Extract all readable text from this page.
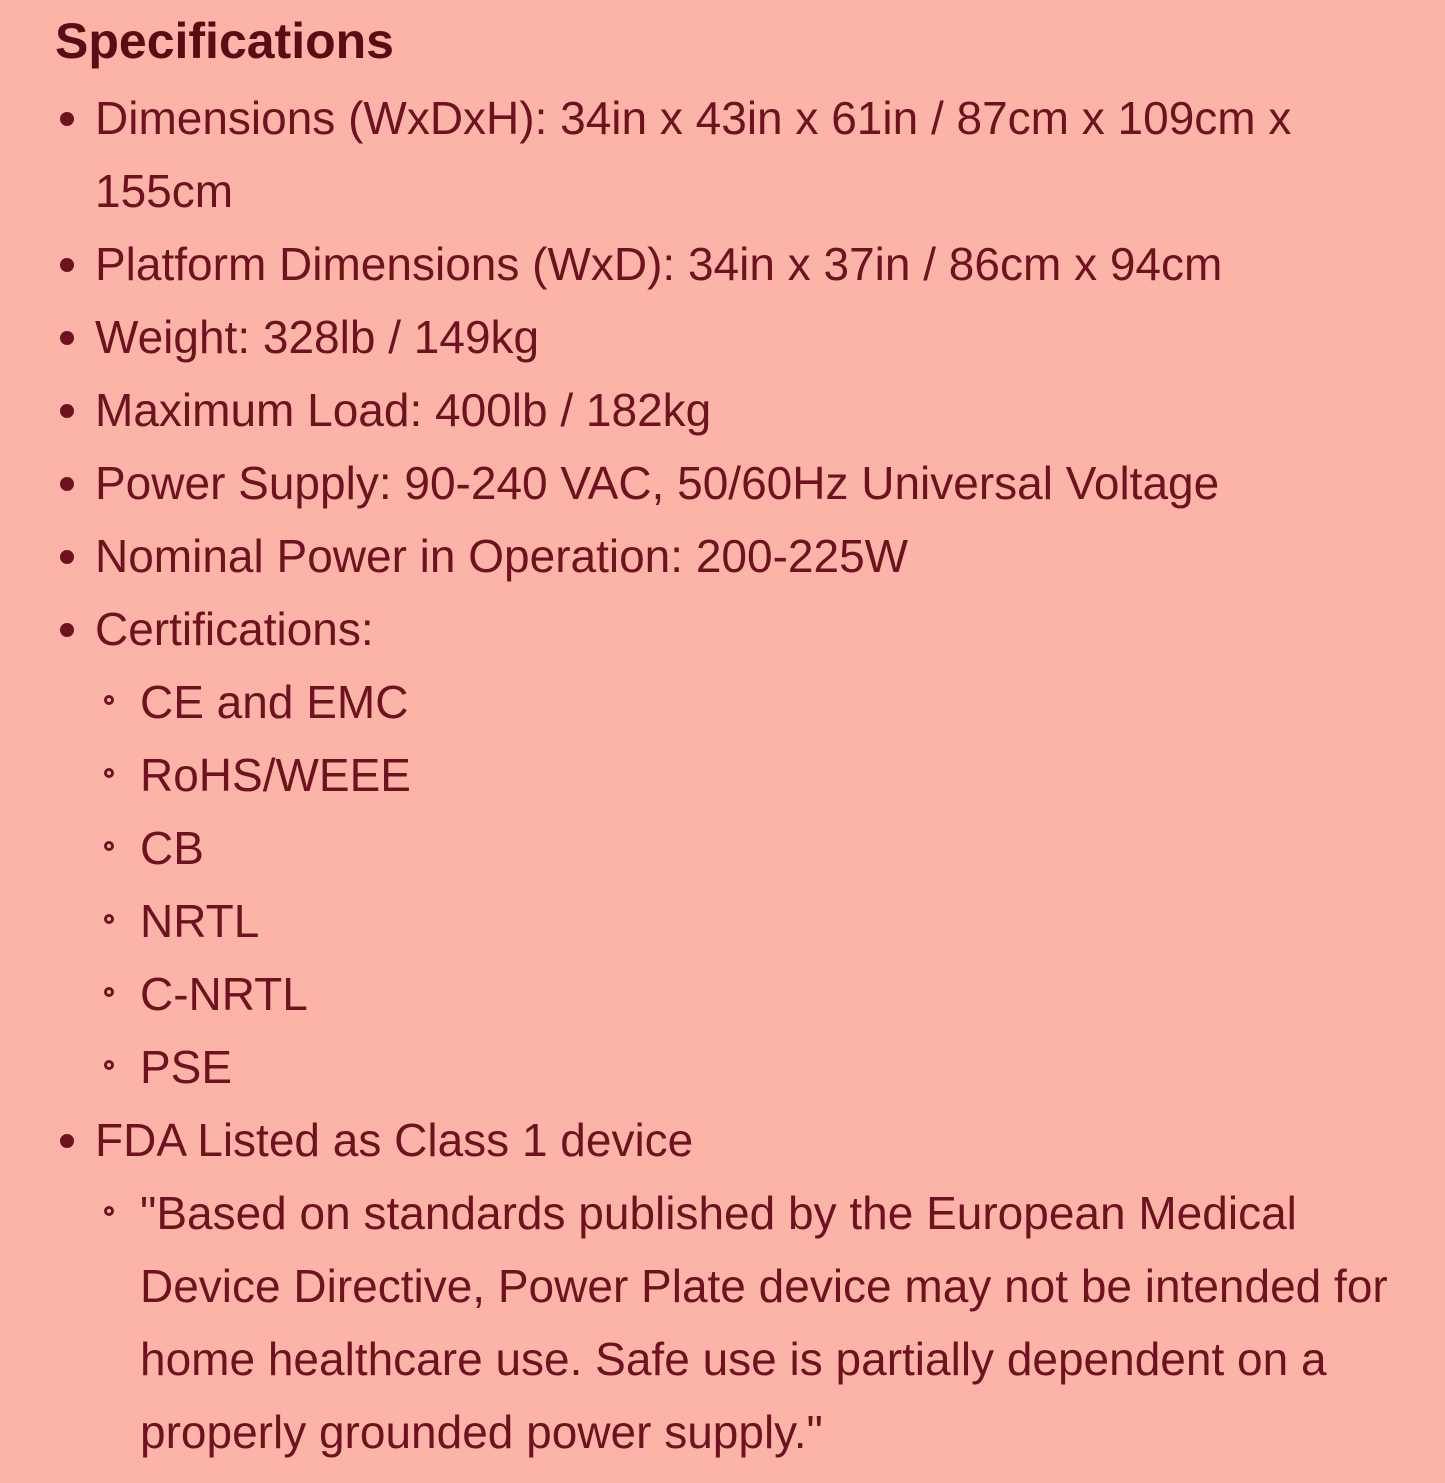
Specifications
Dimensions (WxDxH): 34in x 43in x 61in / 87cm x 109cm x 155cm
Platform Dimensions (WxD): 34in x 37in / 86cm x 94cm
Weight: 328lb / 149kg
Maximum Load: 400lb / 182kg
Power Supply: 90-240 VAC, 50/60Hz Universal Voltage
Nominal Power in Operation: 200-225W
Certifications:
CE and EMC
RoHS/WEEE
CB
NRTL
C-NRTL
PSE
FDA Listed as Class 1 device
"Based on standards published by the European Medical Device Directive, Power Plate device may not be intended for home healthcare use. Safe use is partially dependent on a properly grounded power supply."
